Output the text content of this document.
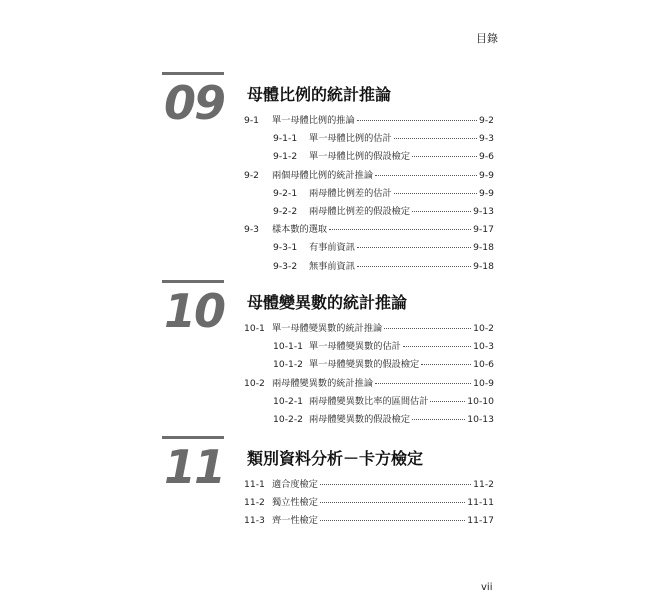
目錄
09 母體比例的統計推論
9-1	單一母體比例的推論	9-2
9-1-1	單一母體比例的估計	9-3
9-1-2	單一母體比例的假設檢定	9-6
9-2	兩個母體比例的統計推論	9-9
9-2-1	兩母體比例差的估計	9-9
9-2-2	兩母體比例差的假設檢定	9-13
9-3	樣本數的選取	9-17
9-3-1	有事前資訊	9-18
9-3-2	無事前資訊	9-18
10 母體變異數的統計推論
10-1 單一母體變異數的統計推論	10-2
10-1-1 單一母體變異數的估計	10-3
10-1-2 單一母體變異數的假設檢定	10-6
10-2 兩母體變異數的統計推論	10-9
10-2-1 兩母體變異數比率的區間估計	10-10
10-2-2 兩母體變異數的假設檢定	10-13
11 類別資料分析－卡方檢定
11-1 適合度檢定	11-2
11-2 獨立性檢定	11-11
11-3 齊一性檢定	11-17
vii
